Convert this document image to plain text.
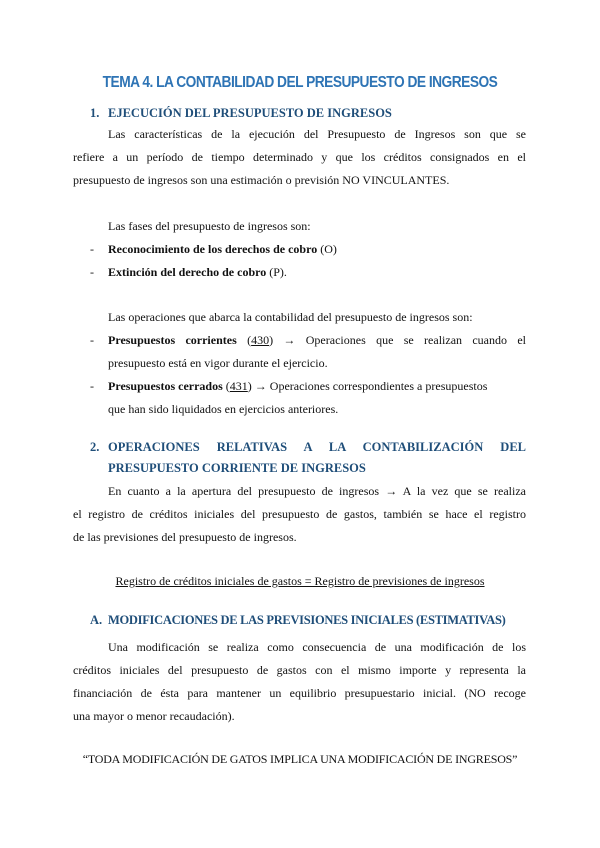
TEMA 4. LA CONTABILIDAD DEL PRESUPUESTO DE INGRESOS
1. EJECUCIÓN DEL PRESUPUESTO DE INGRESOS
Las características de la ejecución del Presupuesto de Ingresos son que se
refiere a un período de tiempo determinado y que los créditos consignados en el
presupuesto de ingresos son una estimación o previsión NO VINCULANTES.
Las fases del presupuesto de ingresos son:
- Reconocimiento de los derechos de cobro (O)
- Extinción del derecho de cobro (P).
Las operaciones que abarca la contabilidad del presupuesto de ingresos son:
- Presupuestos corrientes (430) → Operaciones que se realizan cuando el
presupuesto está en vigor durante el ejercicio.
- Presupuestos cerrados (431) → Operaciones correspondientes a presupuestos
que han sido liquidados en ejercicios anteriores.
2. OPERACIONES RELATIVAS A LA CONTABILIZACIÓN DEL
PRESUPUESTO CORRIENTE DE INGRESOS
En cuanto a la apertura del presupuesto de ingresos → A la vez que se realiza
el registro de créditos iniciales del presupuesto de gastos, también se hace el registro
de las previsiones del presupuesto de ingresos.
Registro de créditos iniciales de gastos = Registro de previsiones de ingresos
A. MODIFICACIONES DE LAS PREVISIONES INICIALES (ESTIMATIVAS)
Una modificación se realiza como consecuencia de una modificación de los
créditos iniciales del presupuesto de gastos con el mismo importe y representa la
financiación de ésta para mantener un equilibrio presupuestario inicial. (NO recoge
una mayor o menor recaudación).
“TODA MODIFICACIÓN DE GATOS IMPLICA UNA MODIFICACIÓN DE INGRESOS”
